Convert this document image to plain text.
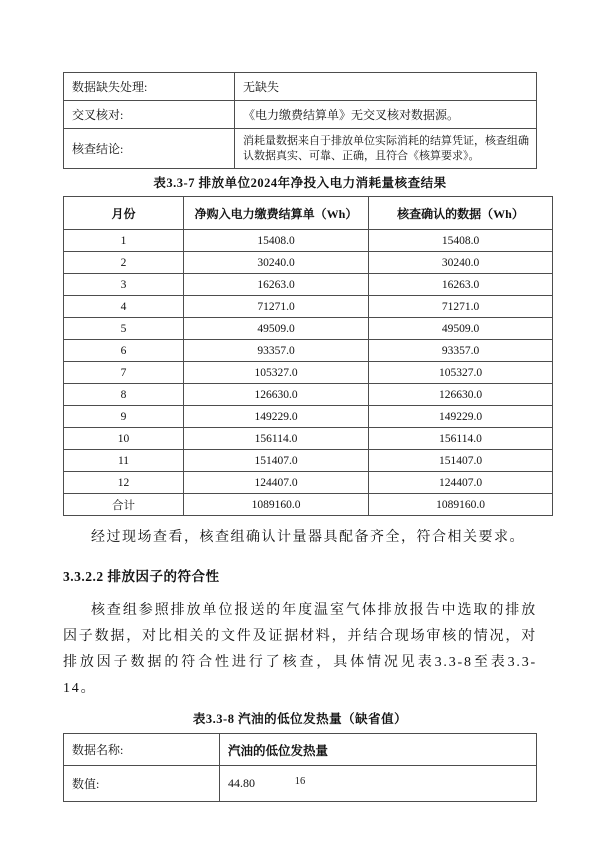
数据缺失处理:	无缺失
交叉核对:	《电力缴费结算单》无交叉核对数据源。
核查结论:	消耗量数据来自于排放单位实际消耗的结算凭证，核查组确认数据真实、可靠、正确，且符合《核算要求》。
表3.3-7 排放单位2024年净投入电力消耗量核查结果
月份	净购入电力缴费结算单（Wh）	核查确认的数据（Wh）
1	15408.0	15408.0
2	30240.0	30240.0
3	16263.0	16263.0
4	71271.0	71271.0
5	49509.0	49509.0
6	93357.0	93357.0
7	105327.0	105327.0
8	126630.0	126630.0
9	149229.0	149229.0
10	156114.0	156114.0
11	151407.0	151407.0
12	124407.0	124407.0
合计	1089160.0	1089160.0

经过现场查看，核查组确认计量器具配备齐全，符合相关要求。

3.3.2.2 排放因子的符合性

核查组参照排放单位报送的年度温室气体排放报告中选取的排放因子数据，对比相关的文件及证据材料，并结合现场审核的情况，对排放因子数据的符合性进行了核查，具体情况见表3.3-8至表3.3-14。

表3.3-8 汽油的低位发热量（缺省值）
数据名称:	汽油的低位发热量
数值:	44.80	16
